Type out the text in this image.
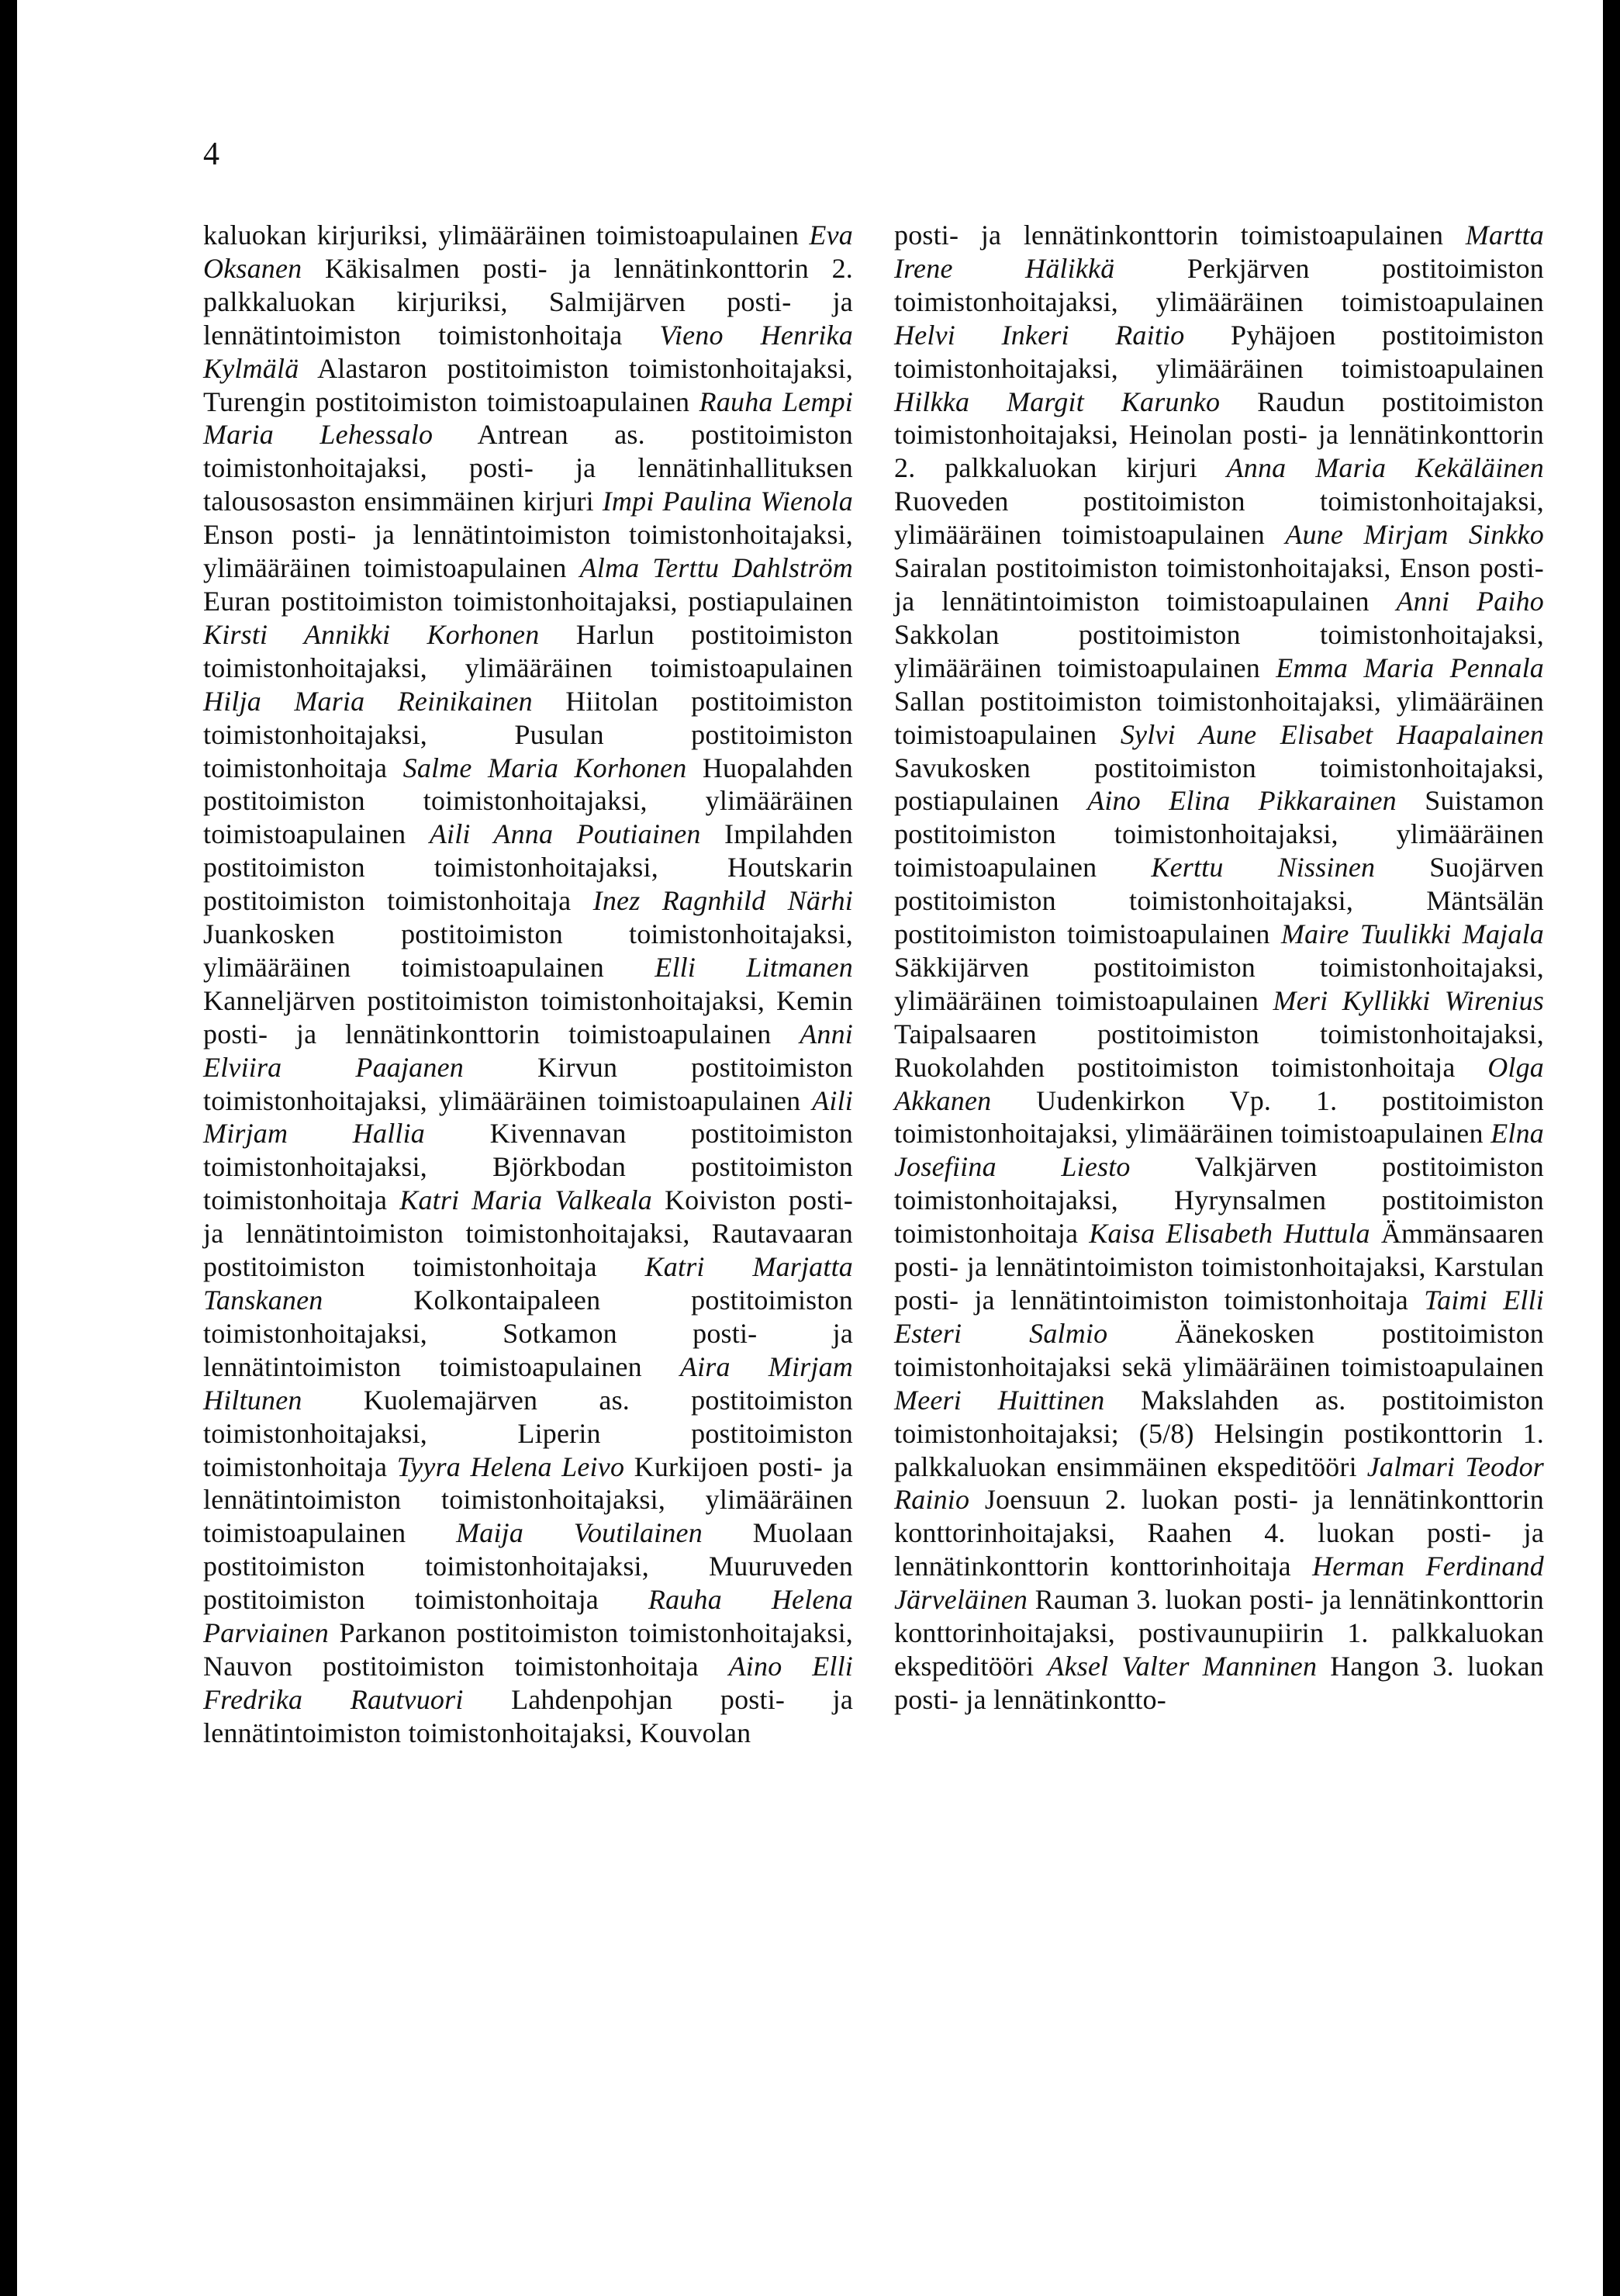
4
kaluokan kirjuriksi, ylimääräinen toimistoapulainen Eva Oksanen Käkisalmen posti- ja lennätinkonttorin 2. palkkaluokan kirjuriksi, Salmijärven posti- ja lennätintoimiston toimistonhoitaja Vieno Henrika Kylmälä Alastaron postitoimiston toimistonhoitajaksi, Turengin postitoimiston toimistoapulainen Rauha Lempi Maria Lehessalo Antrean as. postitoimiston toimistonhoitajaksi, posti- ja lennätinhallituksen talousosaston ensimmäinen kirjuri Impi Paulina Wienola Enson posti- ja lennätintoimiston toimistonhoitajaksi, ylimääräinen toimistoapulainen Alma Terttu Dahlström Euran postitoimiston toimistonhoitajaksi, postiapulainen Kirsti Annikki Korhonen Harlun postitoimiston toimistonhoitajaksi, ylimääräinen toimistoapulainen Hilja Maria Reinikainen Hiitolan postitoimiston toimistonhoitajaksi, Pusulan postitoimiston toimistonhoitaja Salme Maria Korhonen Huopalahden postitoimiston toimistonhoitajaksi, ylimääräinen toimistoapulainen Aili Anna Poutiainen Impilahden postitoimiston toimistonhoitajaksi, Houtskarin postitoimiston toimistonhoitaja Inez Ragnhild Närhi Juankosken postitoimiston toimistonhoitajaksi, ylimääräinen toimistoapulainen Elli Litmanen Kanneljärven postitoimiston toimistonhoitajaksi, Kemin posti- ja lennätinkonttorin toimistoapulainen Anni Elviira Paajanen Kirvun postitoimiston toimistonhoitajaksi, ylimääräinen toimistoapulainen Aili Mirjam Hallia Kivennavan postitoimiston toimistonhoitajaksi, Björkbodan postitoimiston toimistonhoitaja Katri Maria Valkeala Koiviston posti- ja lennätintoimiston toimistonhoitajaksi, Rautavaaran postitoimiston toimistonhoitaja Katri Marjatta Tanskanen Kolkontaipaleen postitoimiston toimistonhoitajaksi, Sotkamon posti- ja lennätintoimiston toimistoapulainen Aira Mirjam Hiltunen Kuolemajärven as. postitoimiston toimistonhoitajaksi, Liperin postitoimiston toimistonhoitaja Tyyra Helena Leivo Kurkijoen posti- ja lennätintoimiston toimistonhoitajaksi, ylimääräinen toimistoapulainen Maija Voutilainen Muolaan postitoimiston toimistonhoitajaksi, Muuruveden postitoimiston toimistonhoitaja Rauha Helena Parviainen Parkanon postitoimiston toimistonhoitajaksi, Nauvon postitoimiston toimistonhoitaja Aino Elli Fredrika Rautvuori Lahdenpohjan posti- ja lennätintoimiston toimistonhoitajaksi, Kouvolan
posti- ja lennätinkonttorin toimistoapulainen Martta Irene Hälikkä Perkjärven postitoimiston toimistonhoitajaksi, ylimääräinen toimistoapulainen Helvi Inkeri Raitio Pyhäjoen postitoimiston toimistonhoitajaksi, ylimääräinen toimistoapulainen Hilkka Margit Karunko Raudun postitoimiston toimistonhoitajaksi, Heinolan posti- ja lennätinkonttorin 2. palkkaluokan kirjuri Anna Maria Kekäläinen Ruoveden postitoimiston toimistonhoitajaksi, ylimääräinen toimistoapulainen Aune Mirjam Sinkko Sairalan postitoimiston toimistonhoitajaksi, Enson posti- ja lennätintoimiston toimistoapulainen Anni Paiho Sakkolan postitoimiston toimistonhoitajaksi, ylimääräinen toimistoapulainen Emma Maria Pennala Sallan postitoimiston toimistonhoitajaksi, ylimääräinen toimistoapulainen Sylvi Aune Elisabet Haapalainen Savukosken postitoimiston toimistonhoitajaksi, postiapulainen Aino Elina Pikkarainen Suistamon postitoimiston toimistonhoitajaksi, ylimääräinen toimistoapulainen Kerttu Nissinen Suojärven postitoimiston toimistonhoitajaksi, Mäntsälän postitoimiston toimistoapulainen Maire Tuulikki Majala Säkkijärven postitoimiston toimistonhoitajaksi, ylimääräinen toimistoapulainen Meri Kyllikki Wirenius Taipalsaaren postitoimiston toimistonhoitajaksi, Ruokolahden postitoimiston toimistonhoitaja Olga Akkanen Uudenkirkon Vp. 1. postitoimiston toimistonhoitajaksi, ylimääräinen toimistoapulainen Elna Josefiina Liesto Valkjärven postitoimiston toimistonhoitajaksi, Hyrynsalmen postitoimiston toimistonhoitaja Kaisa Elisabeth Huttula Ämmänsaaren posti- ja lennätintoimiston toimistonhoitajaksi, Karstulan posti- ja lennätintoimiston toimistonhoitaja Taimi Elli Esteri Salmio Äänekosken postitoimiston toimistonhoitajaksi sekä ylimääräinen toimistoapulainen Meeri Huittinen Makslahden as. postitoimiston toimistonhoitajaksi; (5/8) Helsingin postikonttorin 1. palkkaluokan ensimmäinen ekspeditööri Jalmari Teodor Rainio Joensuun 2. luokan posti- ja lennätinkonttorin konttorinhoitajaksi, Raahen 4. luokan posti- ja lennätinkonttorin konttorinhoitaja Herman Ferdinand Järveläinen Rauman 3. luokan posti- ja lennätinkonttorin konttorinhoitajaksi, postivaunupiirin 1. palkkaluokan ekspeditööri Aksel Valter Manninen Hangon 3. luokan posti- ja lennätinkontto-
